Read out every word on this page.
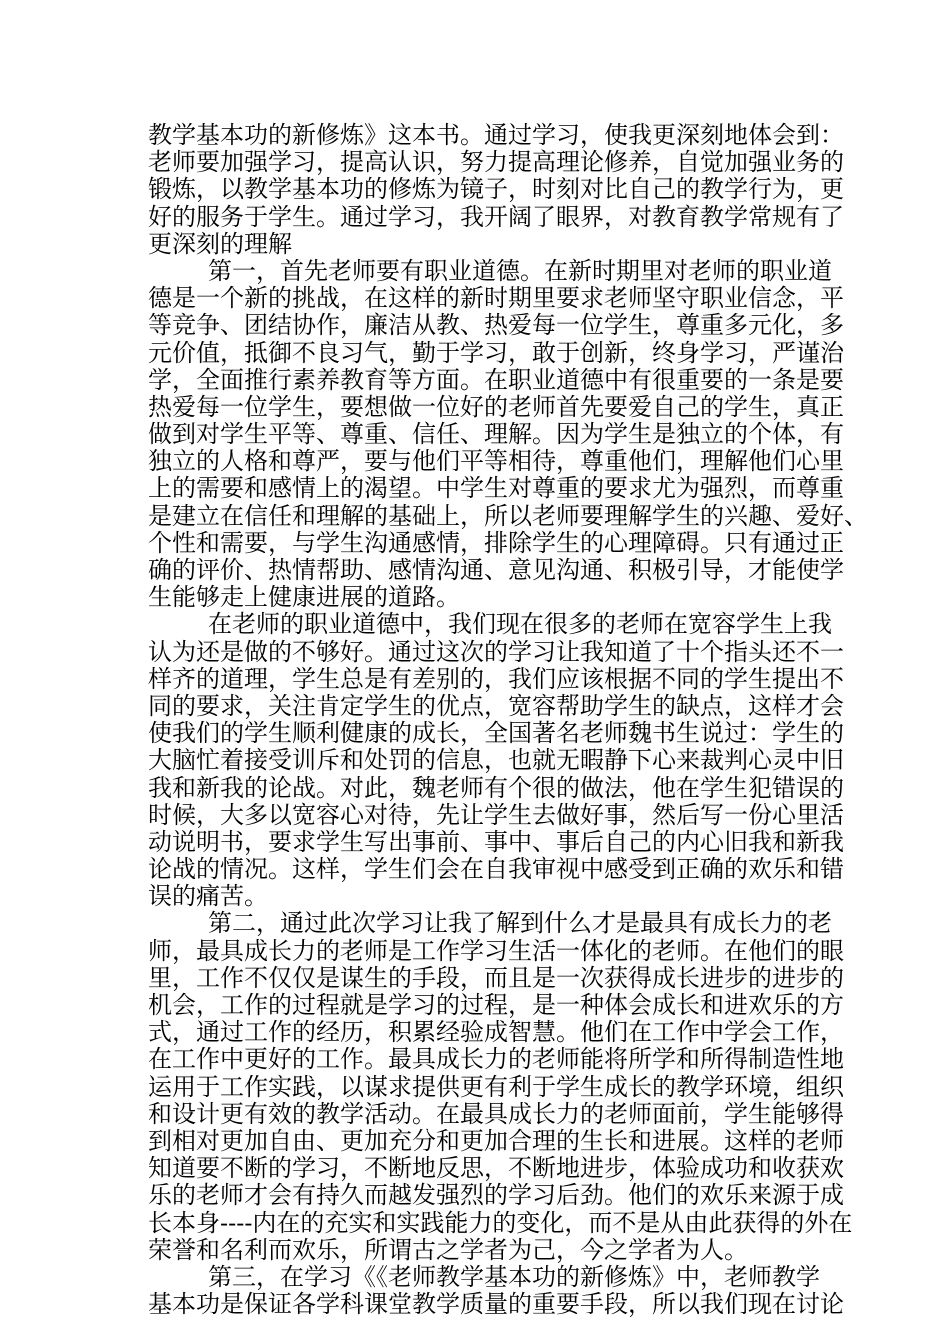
教学基本功的新修炼》这本书。通过学习，使我更深刻地体会到：
老师要加强学习，提高认识，努力提高理论修养，自觉加强业务的
锻炼，以教学基本功的修炼为镜子，时刻对比自己的教学行为，更
好的服务于学生。通过学习，我开阔了眼界，对教育教学常规有了
更深刻的理解
第一，首先老师要有职业道德。在新时期里对老师的职业道
德是一个新的挑战，在这样的新时期里要求老师坚守职业信念，平
等竞争、团结协作，廉洁从教、热爱每一位学生，尊重多元化，多
元价值，抵御不良习气，勤于学习，敢于创新，终身学习，严谨治
学，全面推行素养教育等方面。在职业道德中有很重要的一条是要
热爱每一位学生，要想做一位好的老师首先要爱自己的学生，真正
做到对学生平等、尊重、信任、理解。因为学生是独立的个体，有
独立的人格和尊严，要与他们平等相待，尊重他们，理解他们心里
上的需要和感情上的渴望。中学生对尊重的要求尤为强烈，而尊重
是建立在信任和理解的基础上，所以老师要理解学生的兴趣、爱好、
个性和需要，与学生沟通感情，排除学生的心理障碍。只有通过正
确的评价、热情帮助、感情沟通、意见沟通、积极引导，才能使学
生能够走上健康进展的道路。
在老师的职业道德中，我们现在很多的老师在宽容学生上我
认为还是做的不够好。通过这次的学习让我知道了十个指头还不一
样齐的道理，学生总是有差别的，我们应该根据不同的学生提出不
同的要求，关注肯定学生的优点，宽容帮助学生的缺点，这样才会
使我们的学生顺利健康的成长，全国著名老师魏书生说过：学生的
大脑忙着接受训斥和处罚的信息，也就无暇静下心来裁判心灵中旧
我和新我的论战。对此，魏老师有个很的做法，他在学生犯错误的
时候，大多以宽容心对待，先让学生去做好事，然后写一份心里活
动说明书，要求学生写出事前、事中、事后自己的内心旧我和新我
论战的情况。这样，学生们会在自我审视中感受到正确的欢乐和错
误的痛苦。
第二，通过此次学习让我了解到什么才是最具有成长力的老
师，最具成长力的老师是工作学习生活一体化的老师。在他们的眼
里，工作不仅仅是谋生的手段，而且是一次获得成长进步的进步的
机会，工作的过程就是学习的过程，是一种体会成长和进欢乐的方
式，通过工作的经历，积累经验成智慧。他们在工作中学会工作，
在工作中更好的工作。最具成长力的老师能将所学和所得制造性地
运用于工作实践，以谋求提供更有利于学生成长的教学环境，组织
和设计更有效的教学活动。在最具成长力的老师面前，学生能够得
到相对更加自由、更加充分和更加合理的生长和进展。这样的老师
知道要不断的学习，不断地反思，不断地进步，体验成功和收获欢
乐的老师才会有持久而越发强烈的学习后劲。他们的欢乐来源于成
长本身----内在的充实和实践能力的变化，而不是从由此获得的外在
荣誉和名利而欢乐，所谓古之学者为己，今之学者为人。
第三，在学习《《老师教学基本功的新修炼》中，老师教学
基本功是保证各学科课堂教学质量的重要手段，所以我们现在讨论
